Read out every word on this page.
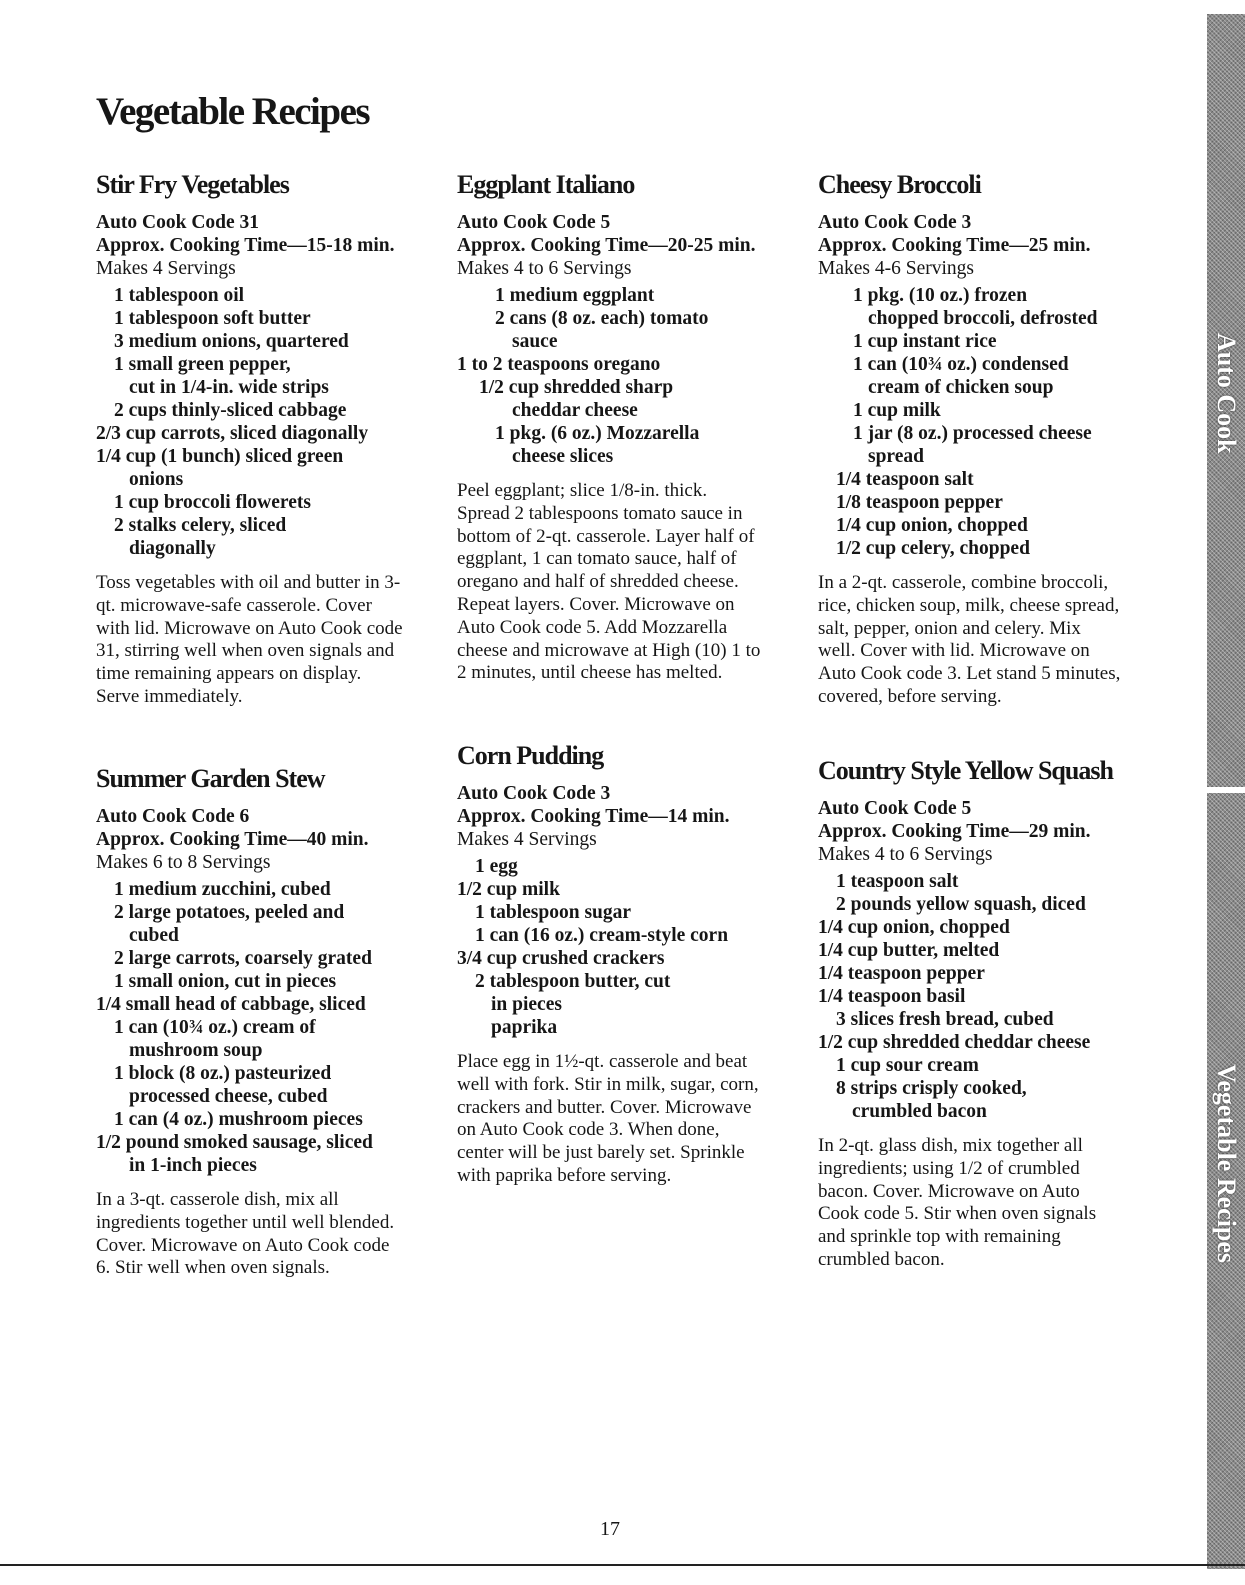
Vegetable Recipes
Stir Fry Vegetables
Auto Cook Code 31
Approx. Cooking Time—15-18 min.
Makes 4 Servings
1 tablespoon oil
1 tablespoon soft butter
3 medium onions, quartered
1 small green pepper,
cut in 1/4-in. wide strips
2 cups thinly-sliced cabbage
2/3 cup carrots, sliced diagonally
1/4 cup (1 bunch) sliced green
onions
1 cup broccoli flowerets
2 stalks celery, sliced
diagonally

Toss vegetables with oil and butter in 3-qt. microwave-safe casserole. Cover with lid. Microwave on Auto Cook code 31, stirring well when oven signals and time remaining appears on display. Serve immediately.

Summer Garden Stew
Auto Cook Code 6
Approx. Cooking Time—40 min.
Makes 6 to 8 Servings
1 medium zucchini, cubed
2 large potatoes, peeled and
cubed
2 large carrots, coarsely grated
1 small onion, cut in pieces
1/4 small head of cabbage, sliced
1 can (10¾ oz.) cream of
mushroom soup
1 block (8 oz.) pasteurized
processed cheese, cubed
1 can (4 oz.) mushroom pieces
1/2 pound smoked sausage, sliced
in 1-inch pieces

In a 3-qt. casserole dish, mix all ingredients together until well blended. Cover. Microwave on Auto Cook code 6. Stir well when oven signals.

Eggplant Italiano
Auto Cook Code 5
Approx. Cooking Time—20-25 min.
Makes 4 to 6 Servings
1 medium eggplant
2 cans (8 oz. each) tomato
sauce
1 to 2 teaspoons oregano
1/2 cup shredded sharp
cheddar cheese
1 pkg. (6 oz.) Mozzarella
cheese slices

Peel eggplant; slice 1/8-in. thick. Spread 2 tablespoons tomato sauce in bottom of 2-qt. casserole. Layer half of eggplant, 1 can tomato sauce, half of oregano and half of shredded cheese. Repeat layers. Cover. Microwave on Auto Cook code 5. Add Mozzarella cheese and microwave at High (10) 1 to 2 minutes, until cheese has melted.

Corn Pudding
Auto Cook Code 3
Approx. Cooking Time—14 min.
Makes 4 Servings
1 egg
1/2 cup milk
1 tablespoon sugar
1 can (16 oz.) cream-style corn
3/4 cup crushed crackers
2 tablespoon butter, cut
in pieces
paprika

Place egg in 1½-qt. casserole and beat well with fork. Stir in milk, sugar, corn, crackers and butter. Cover. Microwave on Auto Cook code 3. When done, center will be just barely set. Sprinkle with paprika before serving.

Cheesy Broccoli
Auto Cook Code 3
Approx. Cooking Time—25 min.
Makes 4-6 Servings
1 pkg. (10 oz.) frozen
chopped broccoli, defrosted
1 cup instant rice
1 can (10¾ oz.) condensed
cream of chicken soup
1 cup milk
1 jar (8 oz.) processed cheese
spread
1/4 teaspoon salt
1/8 teaspoon pepper
1/4 cup onion, chopped
1/2 cup celery, chopped

In a 2-qt. casserole, combine broccoli, rice, chicken soup, milk, cheese spread, salt, pepper, onion and celery. Mix well. Cover with lid. Microwave on Auto Cook code 3. Let stand 5 minutes, covered, before serving.

Country Style Yellow Squash
Auto Cook Code 5
Approx. Cooking Time—29 min.
Makes 4 to 6 Servings
1 teaspoon salt
2 pounds yellow squash, diced
1/4 cup onion, chopped
1/4 cup butter, melted
1/4 teaspoon pepper
1/4 teaspoon basil
3 slices fresh bread, cubed
1/2 cup shredded cheddar cheese
1 cup sour cream
8 strips crisply cooked,
crumbled bacon

In 2-qt. glass dish, mix together all ingredients; using 1/2 of crumbled bacon. Cover. Microwave on Auto Cook code 5. Stir when oven signals and sprinkle top with remaining crumbled bacon.

Auto Cook
Vegetable Recipes
17
